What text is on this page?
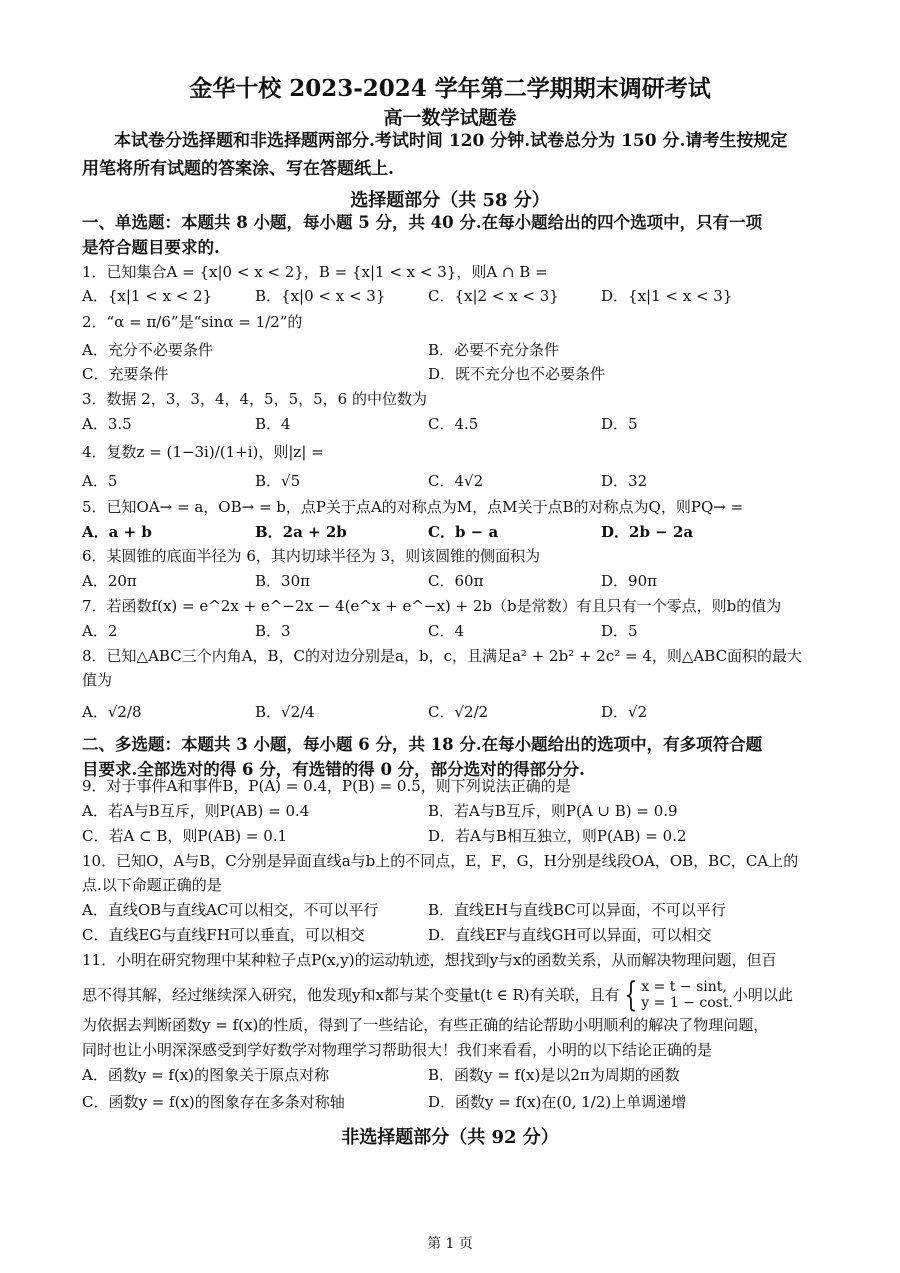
金华十校 2023-2024 学年第二学期期末调研考试
高一数学试题卷
本试卷分选择题和非选择题两部分.考试时间 120 分钟.试卷总分为 150 分.请考生按规定
用笔将所有试题的答案涂、写在答题纸上.
选择题部分（共 58 分）
一、单选题：本题共 8 小题，每小题 5 分，共 40 分.在每小题给出的四个选项中，只有一项
是符合题目要求的.
1．已知集合A = {x|0 < x < 2}，B = {x|1 < x < 3}，则A ∩ B =
A．{x|1 < x < 2}	B．{x|0 < x < 3}	C．{x|2 < x < 3}	D．{x|1 < x < 3}
2．“α = π/6”是“sinα = 1/2”的
A．充分不必要条件	B．必要不充分条件
C．充要条件	D．既不充分也不必要条件
3．数据 2，3，3，4，4，5，5，5，6 的中位数为
A．3.5	B．4	C．4.5	D．5
4．复数z = (1−3i)/(1+i)，则|z| =
A．5	B．√5	C．4√2	D．32
5．已知OA→ = a，OB→ = b，点P关于点A的对称点为M，点M关于点B的对称点为Q，则PQ→ =
A．a + b	B．2a + 2b	C．b − a	D．2b − 2a
6．某圆锥的底面半径为 6，其内切球半径为 3，则该圆锥的侧面积为
A．20π	B．30π	C．60π	D．90π
7．若函数f(x) = e^2x + e^−2x − 4(e^x + e^−x) + 2b（b是常数）有且只有一个零点，则b的值为
A．2	B．3	C．4	D．5
8．已知△ABC三个内角A，B，C的对边分别是a，b，c，且满足a² + 2b² + 2c² = 4，则△ABC面积的最大
值为
A．√2/8	B．√2/4	C．√2/2	D．√2
二、多选题：本题共 3 小题，每小题 6 分，共 18 分.在每小题给出的选项中，有多项符合题
目要求.全部选对的得 6 分，有选错的得 0 分，部分选对的得部分分.
9．对于事件A和事件B，P(A) = 0.4，P(B) = 0.5，则下列说法正确的是
A．若A与B互斥，则P(AB) = 0.4	B．若A与B互斥，则P(A ∪ B) = 0.9
C．若A ⊂ B，则P(AB) = 0.1	D．若A与B相互独立，则P(AB) = 0.2
10．已知O，A与B，C分别是异面直线a与b上的不同点，E，F，G，H分别是线段OA，OB，BC，CA上的
点.以下命题正确的是
A．直线OB与直线AC可以相交，不可以平行	B．直线EH与直线BC可以异面，不可以平行
C．直线EG与直线FH可以垂直，可以相交	D．直线EF与直线GH可以异面，可以相交
11．小明在研究物理中某种粒子点P(x,y)的运动轨迹，想找到y与x的函数关系，从而解决物理问题，但百
思不得其解，经过继续深入研究，他发现y和x都与某个变量t(t ∈ R)有关联，且有 { x = t − sint,
y = 1 − cost. 小明以此
为依据去判断函数y = f(x)的性质，得到了一些结论，有些正确的结论帮助小明顺利的解决了物理问题，
同时也让小明深深感受到学好数学对物理学习帮助很大！我们来看看，小明的以下结论正确的是
A．函数y = f(x)的图象关于原点对称	B．函数y = f(x)是以2π为周期的函数
C．函数y = f(x)的图象存在多条对称轴	D．函数y = f(x)在(0, 1/2)上单调递增
非选择题部分（共 92 分）
第 1 页
